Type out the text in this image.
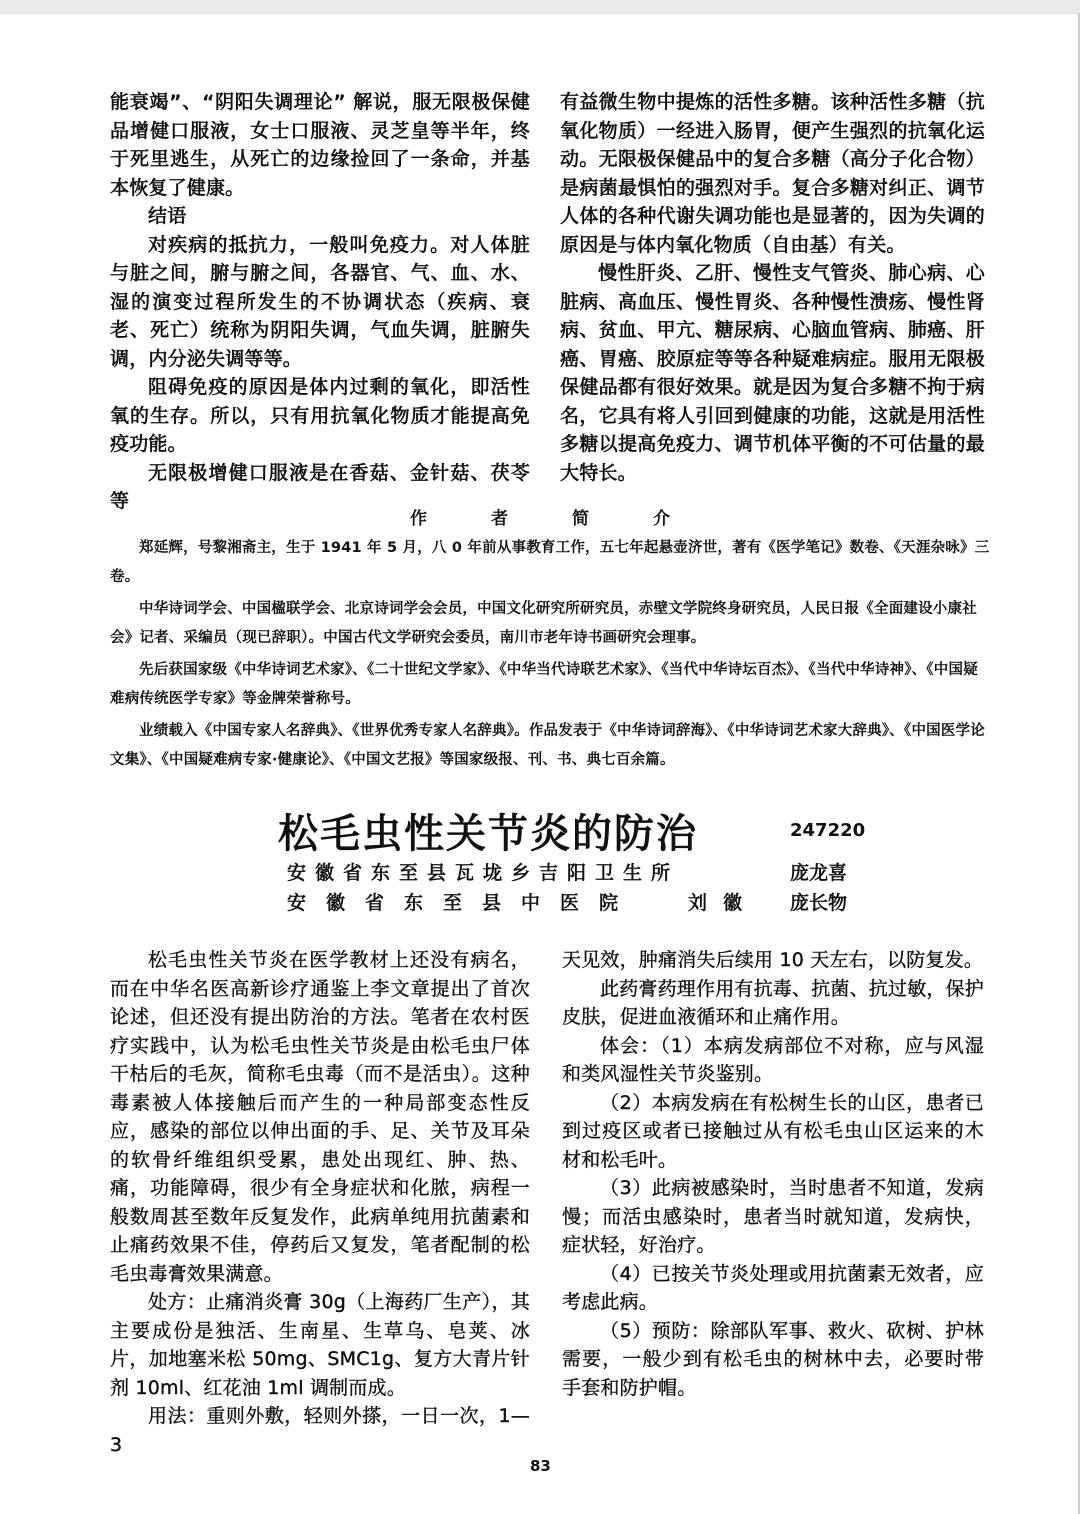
能衰竭”、“阴阳失调理论” 解说，服无限极保健品增健口服液，女士口服液、灵芝皇等半年，终于死里逃生，从死亡的边缘捡回了一条命，并基本恢复了健康。

结语

对疾病的抵抗力，一般叫免疫力。对人体脏与脏之间，腑与腑之间，各器官、气、血、水、湿的演变过程所发生的不协调状态（疾病、衰老、死亡）统称为阴阳失调，气血失调，脏腑失调，内分泌失调等等。

阻碍免疫的原因是体内过剩的氧化，即活性氧的生存。所以，只有用抗氧化物质才能提高免疫功能。

无限极增健口服液是在香菇、金针菇、茯苓等

有益微生物中提炼的活性多糖。该种活性多糖（抗氧化物质）一经进入肠胃，便产生强烈的抗氧化运动。无限极保健品中的复合多糖（高分子化合物）是病菌最惧怕的强烈对手。复合多糖对纠正、调节人体的各种代谢失调功能也是显著的，因为失调的原因是与体内氧化物质（自由基）有关。

慢性肝炎、乙肝、慢性支气管炎、肺心病、心脏病、高血压、慢性胃炎、各种慢性溃疡、慢性肾病、贫血、甲亢、糖尿病、心脑血管病、肺癌、肝癌、胃癌、胶原症等等各种疑难病症。服用无限极保健品都有很好效果。就是因为复合多糖不拘于病名，它具有将人引回到健康的功能，这就是用活性多糖以提高免疫力、调节机体平衡的不可估量的最大特长。

作	者	简	介

郑延辉，号黎湘斋主，生于 1941 年 5 月，八 0 年前从事教育工作，五七年起悬壶济世，著有《医学笔记》数卷、《天涯杂咏》三卷。

中华诗词学会、中国楹联学会、北京诗词学会会员，中国文化研究所研究员，赤壁文学院终身研究员，人民日报《全面建设小康社会》记者、采编员（现已辞职）。中国古代文学研究会委员，南川市老年诗书画研究会理事。

先后获国家级《中华诗词艺术家》、《二十世纪文学家》、《中华当代诗联艺术家》、《当代中华诗坛百杰》、《当代中华诗神》、《中国疑难病传统医学专家》等金牌荣誉称号。

业绩载入《中国专家人名辞典》、《世界优秀专家人名辞典》。作品发表于《中华诗词辞海》、《中华诗词艺术家大辞典》、《中国医学论文集》、《中国疑难病专家·健康论》、《中国文艺报》等国家级报、刊、书、典七百余篇。

松毛虫性关节炎的防治	247220
安徽省东至县瓦垅乡吉阳卫生所	庞龙喜
安徽省东至县中医院	刘徽 庞长物

松毛虫性关节炎在医学教材上还没有病名，而在中华名医高新诊疗通鉴上李文章提出了首次论述，但还没有提出防治的方法。笔者在农村医疗实践中，认为松毛虫性关节炎是由松毛虫尸体干枯后的毛灰，简称毛虫毒（而不是活虫）。这种毒素被人体接触后而产生的一种局部变态性反应，感染的部位以伸出面的手、足、关节及耳朵的软骨纤维组织受累，患处出现红、肿、热、痛，功能障碍，很少有全身症状和化脓，病程一般数周甚至数年反复发作，此病单纯用抗菌素和止痛药效果不佳，停药后又复发，笔者配制的松毛虫毒膏效果满意。

处方：止痛消炎膏 30g（上海药厂生产），其主要成份是独活、生南星、生草乌、皂荚、冰片，加地塞米松 50mg、SMC1g、复方大青片针剂 10ml、红花油 1ml 调制而成。

用法：重则外敷，轻则外搽，一日一次，1—3

天见效，肿痛消失后续用 10 天左右，以防复发。

此药膏药理作用有抗毒、抗菌、抗过敏，保护皮肤，促进血液循环和止痛作用。

体会：（1）本病发病部位不对称，应与风湿和类风湿性关节炎鉴别。

（2）本病发病在有松树生长的山区，患者已到过疫区或者已接触过从有松毛虫山区运来的木材和松毛叶。

（3）此病被感染时，当时患者不知道，发病慢；而活虫感染时，患者当时就知道，发病快，症状轻，好治疗。

（4）已按关节炎处理或用抗菌素无效者，应考虑此病。

（5）预防：除部队军事、救火、砍树、护林需要，一般少到有松毛虫的树林中去，必要时带手套和防护帽。

83
